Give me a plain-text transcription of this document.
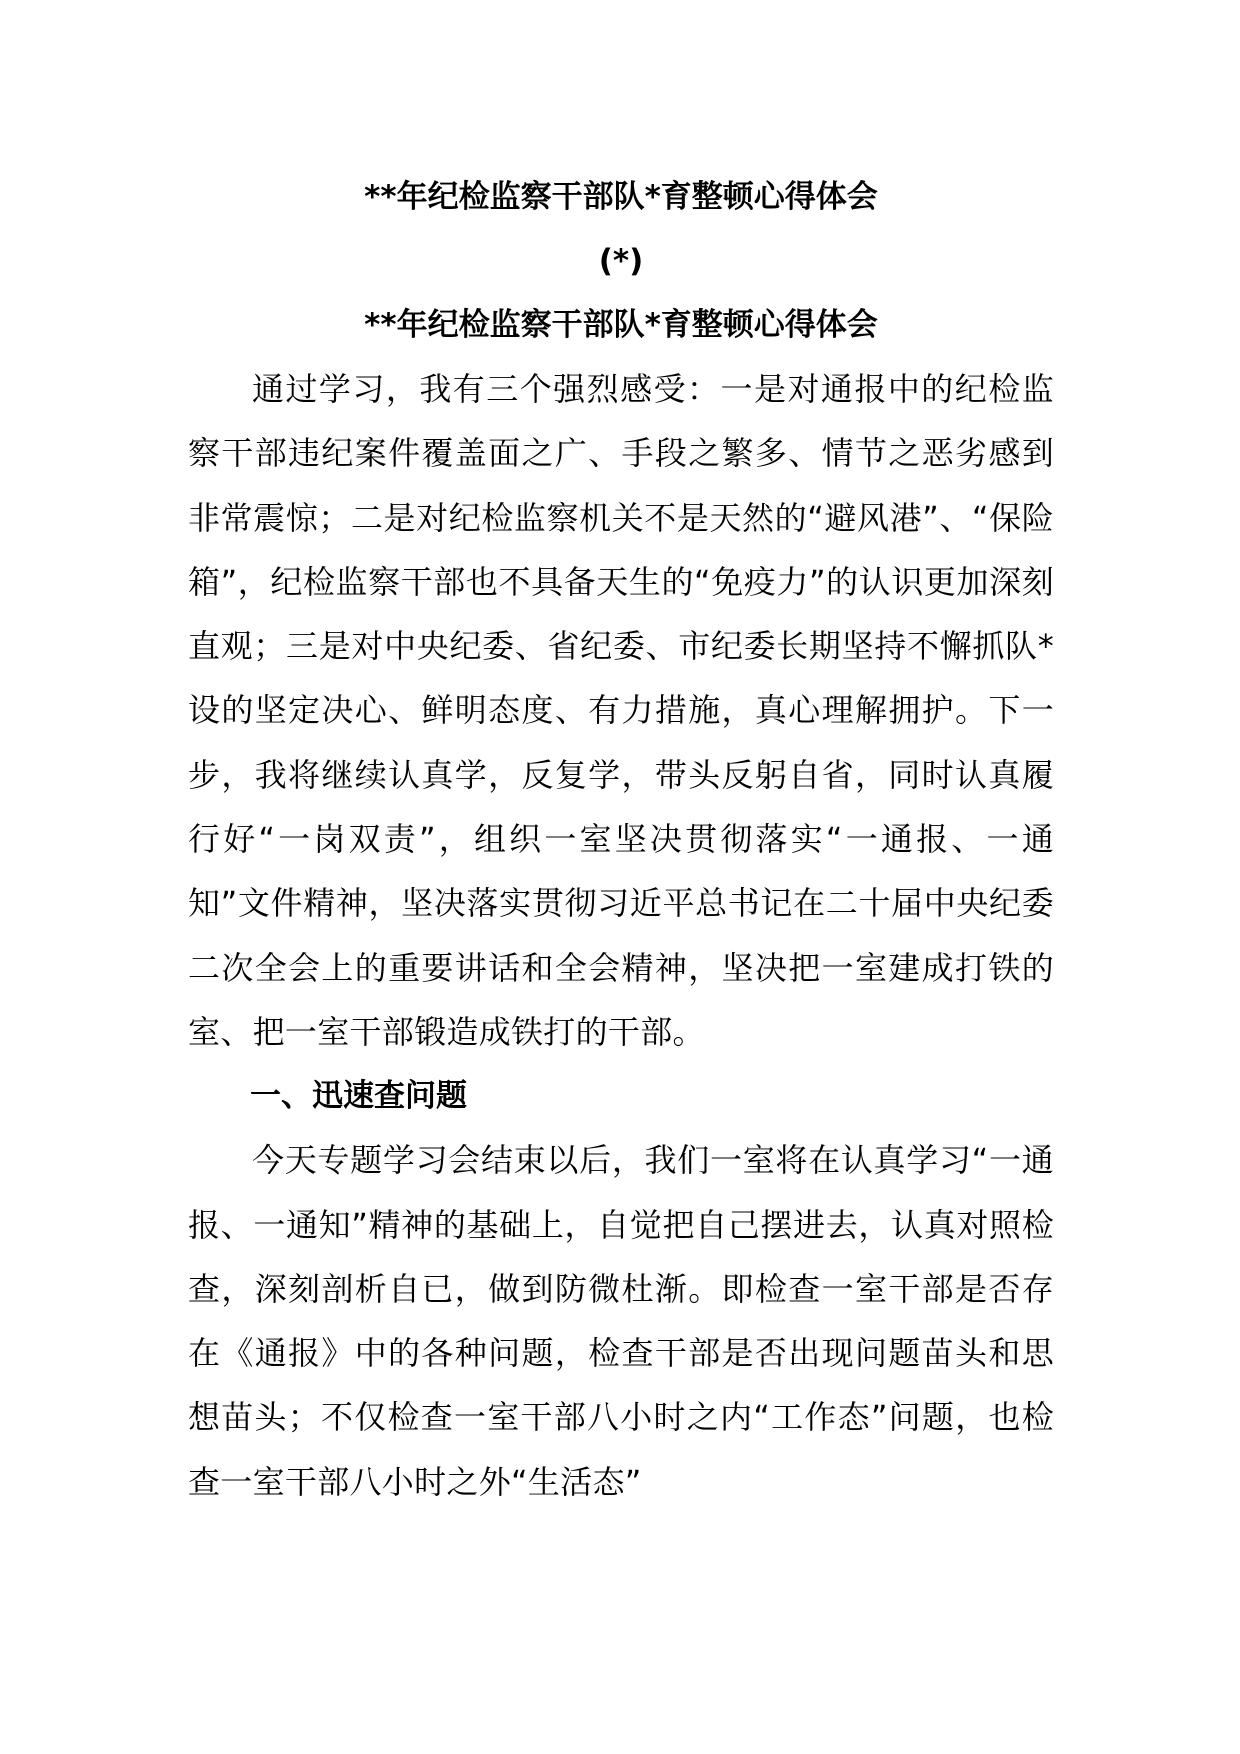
**年纪检监察干部队*育整顿心得体会
(*)
**年纪检监察干部队*育整顿心得体会

通过学习，我有三个强烈感受：一是对通报中的纪检监察干部违纪案件覆盖面之广、手段之繁多、情节之恶劣感到非常震惊；二是对纪检监察机关不是天然的“避风港”、“保险箱”，纪检监察干部也不具备天生的“免疫力”的认识更加深刻直观；三是对中央纪委、省纪委、市纪委长期坚持不懈抓队*设的坚定决心、鲜明态度、有力措施，真心理解拥护。下一步，我将继续认真学，反复学，带头反躬自省，同时认真履行好“一岗双责”，组织一室坚决贯彻落实“一通报、一通知”文件精神，坚决落实贯彻习近平总书记在二十届中央纪委二次全会上的重要讲话和全会精神，坚决把一室建成打铁的室、把一室干部锻造成铁打的干部。

一、迅速查问题

今天专题学习会结束以后，我们一室将在认真学习“一通报、一通知”精神的基础上，自觉把自己摆进去，认真对照检查，深刻剖析自已，做到防微杜渐。即检查一室干部是否存在《通报》中的各种问题，检查干部是否出现问题苗头和思想苗头；不仅检查一室干部八小时之内“工作态”问题，也检查一室干部八小时之外“生活态”
